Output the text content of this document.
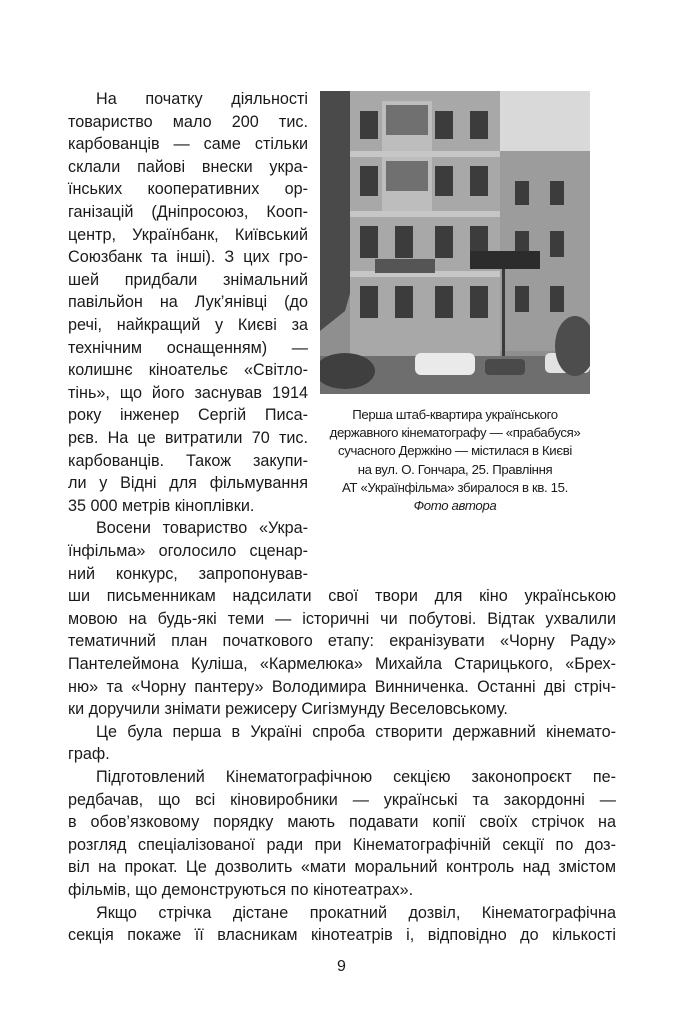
На початку діяльності
товариство мало 200 тис.
карбованців — саме стільки
склали пайові внески укра-
їнських кооперативних ор-
ганізацій (Дніпросоюз, Кооп-
центр, Українбанк, Київський
Союзбанк та інші). З цих гро-
шей придбали знімальний
павільйон на Лук’янівці (до
речі, найкращий у Києві за
технічним оснащенням) —
колишнє кіноательє «Світло-
тінь», що його заснував 1914
року інженер Сергій Писа-
рєв. На це витратили 70 тис.
карбованців. Також закупи-
ли у Відні для фільмування
35 000 метрів кіноплівки.
Восени товариство «Укра-
їнфільма» оголосило сценар-
ний конкурс, запропонував-
Перша штаб-квартира українського
державного кінематографу — «прабабуся»
сучасного Держкіно — містилася в Києві
на вул. О. Гончара, 25. Правління
АТ «Українфільма» збиралося в кв. 15.
Фото автора
ши письменникам надсилати свої твори для кіно українською
мовою на будь-які теми — історичні чи побутові. Відтак ухвалили
тематичний план початкового етапу: екранізувати «Чорну Раду»
Пантелеймона Куліша, «Кармелюка» Михайла Старицького, «Брех-
ню» та «Чорну пантеру» Володимира Винниченка. Останні дві стріч-
ки доручили знімати режисеру Сигізмунду Веселовському.
Це була перша в Україні спроба створити державний кінемато-
граф.
Підготовлений Кінематографічною секцією законопроєкт пе-
редбачав, що всі кіновиробники — українські та закордонні —
в обов’язковому порядку мають подавати копії своїх стрічок на
розгляд спеціалізованої ради при Кінематографічній секції по доз-
віл на прокат. Це дозволить «мати моральний контроль над змістом
фільмів, що демонструються по кінотеатрах».
Якщо стрічка дістане прокатний дозвіл, Кінематографічна
секція покаже її власникам кінотеатрів і, відповідно до кількості
9
